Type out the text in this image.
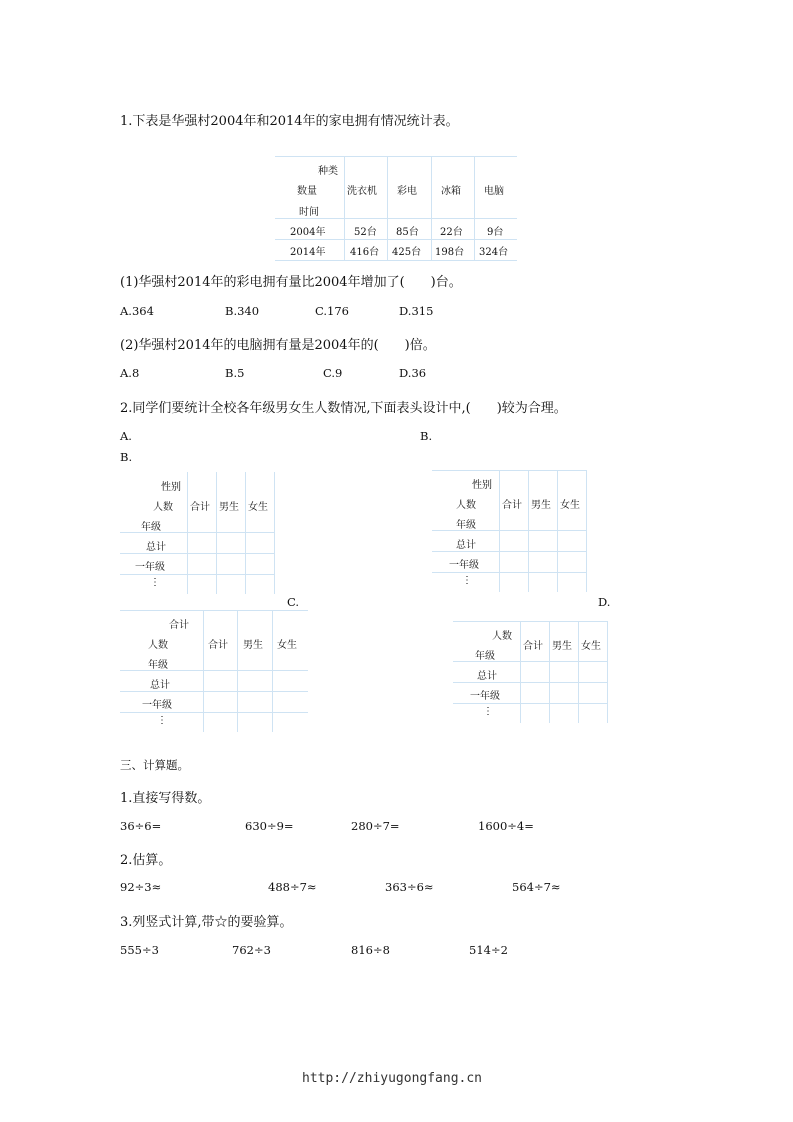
1.下表是华强村2004年和2014年的家电拥有情况统计表。
种类
数量
时间
洗衣机 彩电 冰箱 电脑
2004年	52台 85台 22台 9台
2014年 416台 425台 198台 324台
(1)华强村2014年的彩电拥有量比2004年增加了(　　)台。
A.364	B.340	C.176	D.315
(2)华强村2014年的电脑拥有量是2004年的(　　)倍。
A.8	B.5	C.9	D.36
2.同学们要统计全校各年级男女生人数情况,下面表头设计中,(　　)较为合理。
A.	B.
B.
性别
人数
年级
合计 男生 女生
总计
一年级
⋮
性别
人数
年级
合计 男生 女生
总计
一年级
⋮
C.	D.
合计
人数
年级
合计 男生 女生
总计
一年级
⋮
人数
年级
合计 男生 女生
总计
一年级
⋮
三、计算题。
1.直接写得数。
36÷6=	630÷9=	280÷7=	1600÷4=
2.估算。
92÷3≈	488÷7≈	363÷6≈	564÷7≈
3.列竖式计算,带☆的要验算。
555÷3	762÷3	816÷8	514÷2
http://zhiyugongfang.cn
